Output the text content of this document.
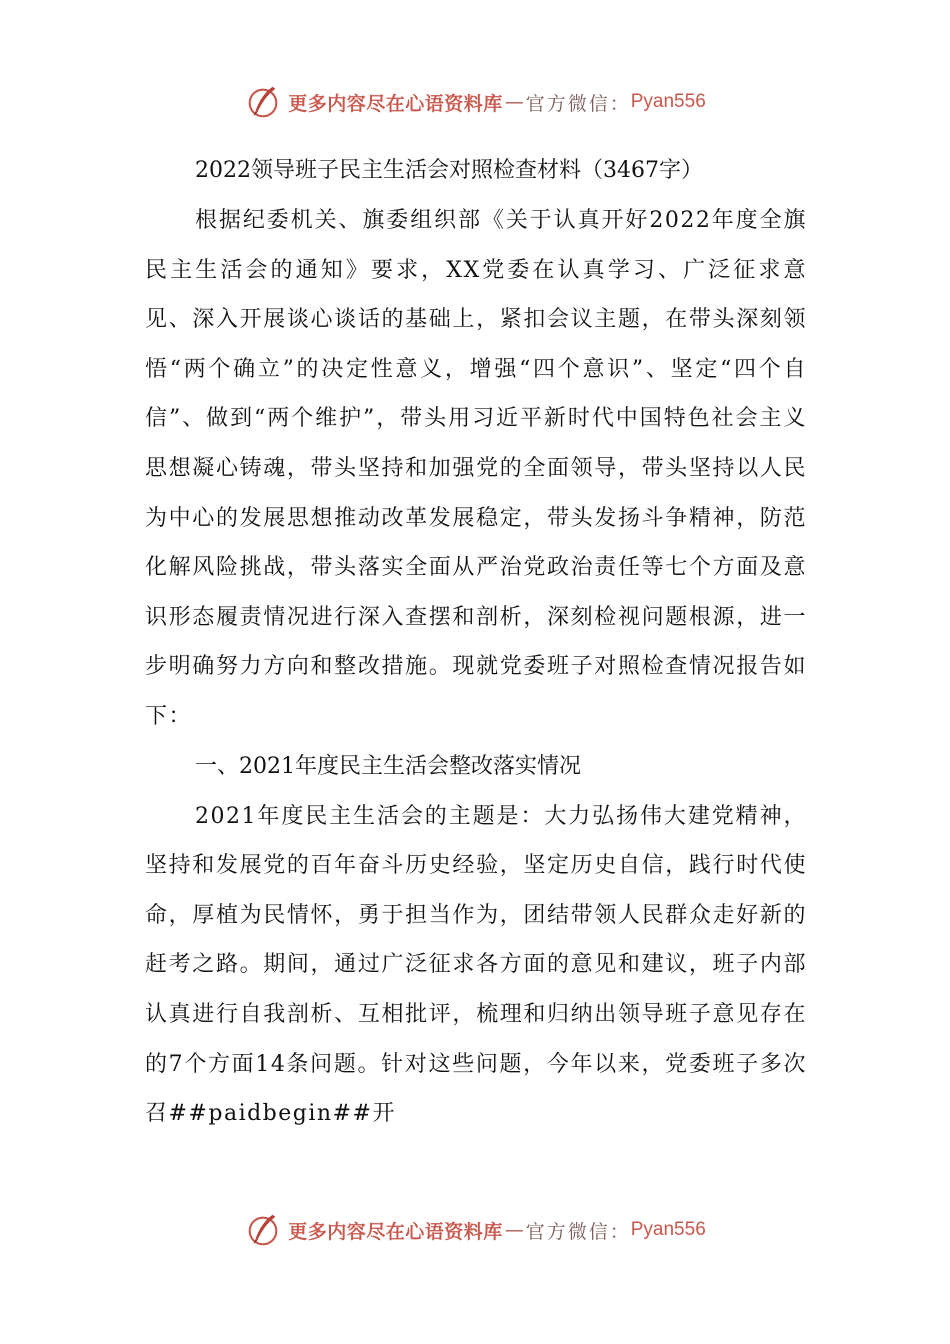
更多内容尽在心语资料库 — 官方微信： Pyan556

2022领导班子民主生活会对照检查材料（3467字）

根据纪委机关、旗委组织部《关于认真开好2022年度全旗民主生活会的通知》要求，XX党委在认真学习、广泛征求意见、深入开展谈心谈话的基础上，紧扣会议主题，在带头深刻领悟“两个确立”的决定性意义，增强“四个意识”、坚定“四个自信”、做到“两个维护”，带头用习近平新时代中国特色社会主义思想凝心铸魂，带头坚持和加强党的全面领导，带头坚持以人民为中心的发展思想推动改革发展稳定，带头发扬斗争精神，防范化解风险挑战，带头落实全面从严治党政治责任等七个方面及意识形态履责情况进行深入查摆和剖析，深刻检视问题根源，进一步明确努力方向和整改措施。现就党委班子对照检查情况报告如下：

一、2021年度民主生活会整改落实情况

2021年度民主生活会的主题是：大力弘扬伟大建党精神，坚持和发展党的百年奋斗历史经验，坚定历史自信，践行时代使命，厚植为民情怀，勇于担当作为，团结带领人民群众走好新的赶考之路。期间，通过广泛征求各方面的意见和建议，班子内部认真进行自我剖析、互相批评，梳理和归纳出领导班子意见存在的7个方面14条问题。针对这些问题，今年以来，党委班子多次召##paidbegin##开

更多内容尽在心语资料库 — 官方微信： Pyan556
